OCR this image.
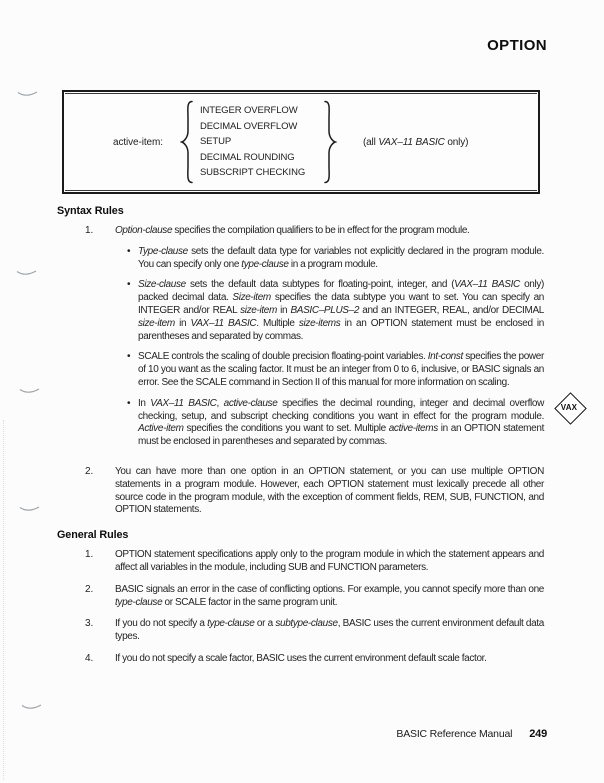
OPTION
active-item:
INTEGER OVERFLOW
DECIMAL OVERFLOW
SETUP
DECIMAL ROUNDING
SUBSCRIPT CHECKING
(all VAX–11 BASIC only)
Syntax Rules
1.	Option-clause specifies the compilation qualifiers to be in effect for the program module.

• Type-clause sets the default data type for variables not explicitly declared in the program module. You can specify only one type-clause in a program module.

• Size-clause sets the default data subtypes for floating-point, integer, and (VAX–11 BASIC only) packed decimal data. Size-item specifies the data subtype you want to set. You can specify an INTEGER and/or REAL size-item in BASIC–PLUS–2 and an INTEGER, REAL, and/or DECIMAL size-item in VAX–11 BASIC. Multiple size-items in an OPTION statement must be enclosed in parentheses and separated by commas.

• SCALE controls the scaling of double precision floating-point variables. Int-const specifies the power of 10 you want as the scaling factor. It must be an integer from 0 to 6, inclusive, or BASIC signals an error. See the SCALE command in Section II of this manual for more information on scaling.

• In VAX–11 BASIC, active-clause specifies the decimal rounding, integer and decimal overflow checking, setup, and subscript checking conditions you want in effect for the program module. Active-item specifies the conditions you want to set. Multiple active-items in an OPTION statement must be enclosed in parentheses and separated by commas.

2.	You can have more than one option in an OPTION statement, or you can use multiple OPTION statements in a program module. However, each OPTION statement must lexically precede all other source code in the program module, with the exception of comment fields, REM, SUB, FUNCTION, and OPTION statements.

General Rules
1.	OPTION statement specifications apply only to the program module in which the statement appears and affect all variables in the module, including SUB and FUNCTION parameters.

2.	BASIC signals an error in the case of conflicting options. For example, you cannot specify more than one type-clause or SCALE factor in the same program unit.

3.	If you do not specify a type-clause or a subtype-clause, BASIC uses the current environment default data types.

4.	If you do not specify a scale factor, BASIC uses the current environment default scale factor.

VAX
BASIC Reference Manual 249
